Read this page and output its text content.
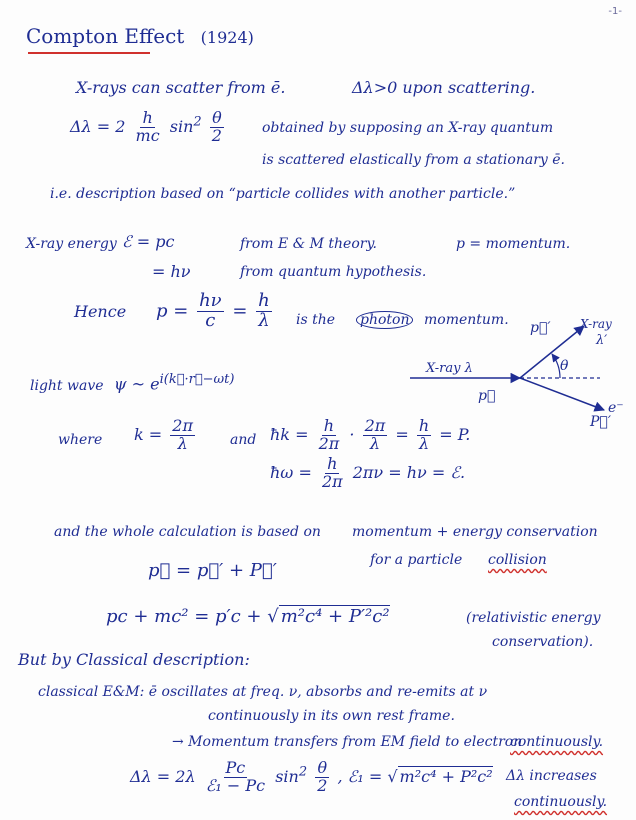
-1-
Compton Effect (1924)
X-rays can scatter from ē.	Δλ>0 upon scattering.
$\Delta\lambda = 2 \frac{h}{mc} \sin^2 \frac{\theta}{2}$	obtained by supposing an X-ray quantum
is scattered elastically from a stationary ē.
i.e. description based on “particle collides with another particle.”
X-ray energy ℰ = pc	from E & M theory.	p = momentum.
= hν	from quantum hypothesis.
Hence $p = \frac{h\nu}{c} = \frac{h}{\lambda}$ is the photon momentum.
light wave ψ ~ $e^{i(k⃗\cdot r⃗-\omega t)}$
where $k = \frac{2\pi}{\lambda}$	and ħk = $\frac{h}{2\pi} \cdot \frac{2\pi}{\lambda} = \frac{h}{\lambda} = P$.
ħω = $\frac{h}{2\pi} 2\pi\nu = h\nu$ = ℰ.
p⃗′ X-ray
λ′
θ
X-ray λ
p⃗
e⁻
P⃗′
and the whole calculation is based on momentum + energy conservation
for a particle collision
p⃗ = p⃗′ + P⃗′
pc + mc² = p′c + √ m²c⁴ + P′²c²	(relativistic energy
conservation).
But by Classical description:
classical E&M: ē oscillates at freq. ν, absorbs and re-emits at ν
continuously in its own rest frame.
→ Momentum transfers from EM field to electron
continuously.
$\Delta\lambda = 2\lambda \frac{Pc}{\text{ℰ₁ − Pc}} \sin^2 \frac{\theta}{2}$ , ℰ₁ = √ m²c⁴ + P²c² Δλ increases
continuously.
